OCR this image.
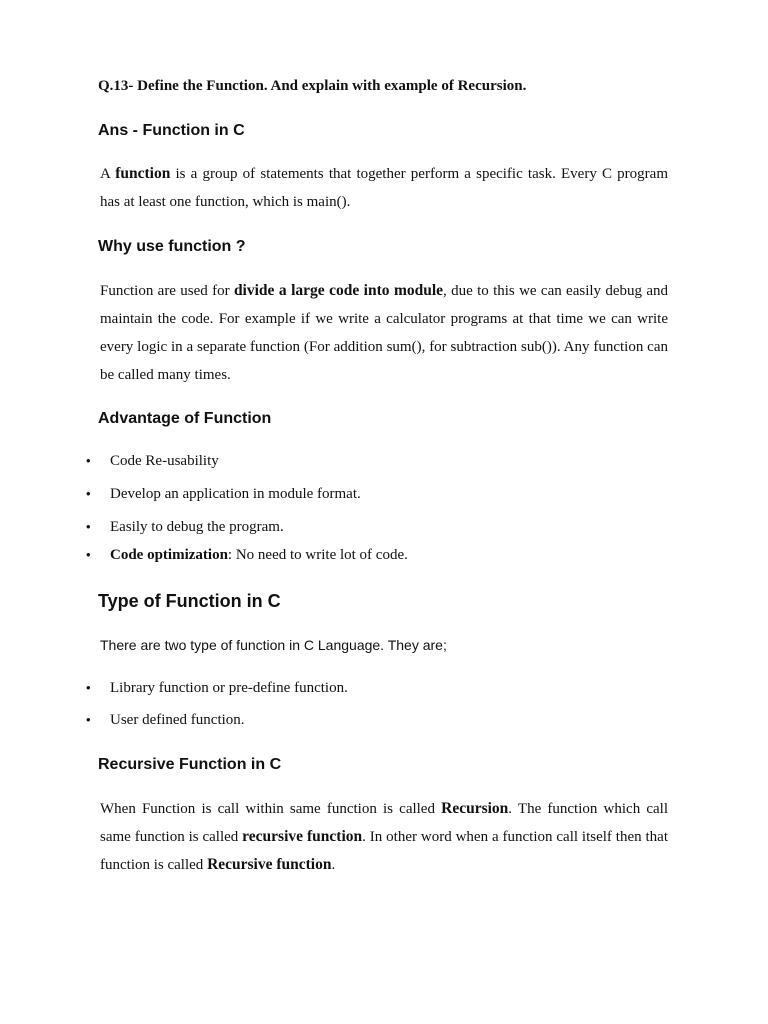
Q.13- Define the Function. And explain with example of Recursion.
Ans - Function in C

A function is a group of statements that together perform a specific task. Every C program has at least one function, which is main().

Why use function ?

Function are used for divide a large code into module, due to this we can easily debug and maintain the code. For example if we write a calculator programs at that time we can write every logic in a separate function (For addition sum(), for subtraction sub()). Any function can be called many times.

Advantage of Function
• Code Re-usability
• Develop an application in module format.
• Easily to debug the program.
• Code optimization: No need to write lot of code.
Type of Function in C
There are two type of function in C Language. They are;
• Library function or pre-define function.
• User defined function.
Recursive Function in C

When Function is call within same function is called Recursion. The function which call same function is called recursive function. In other word when a function call itself then that function is called Recursive function.
